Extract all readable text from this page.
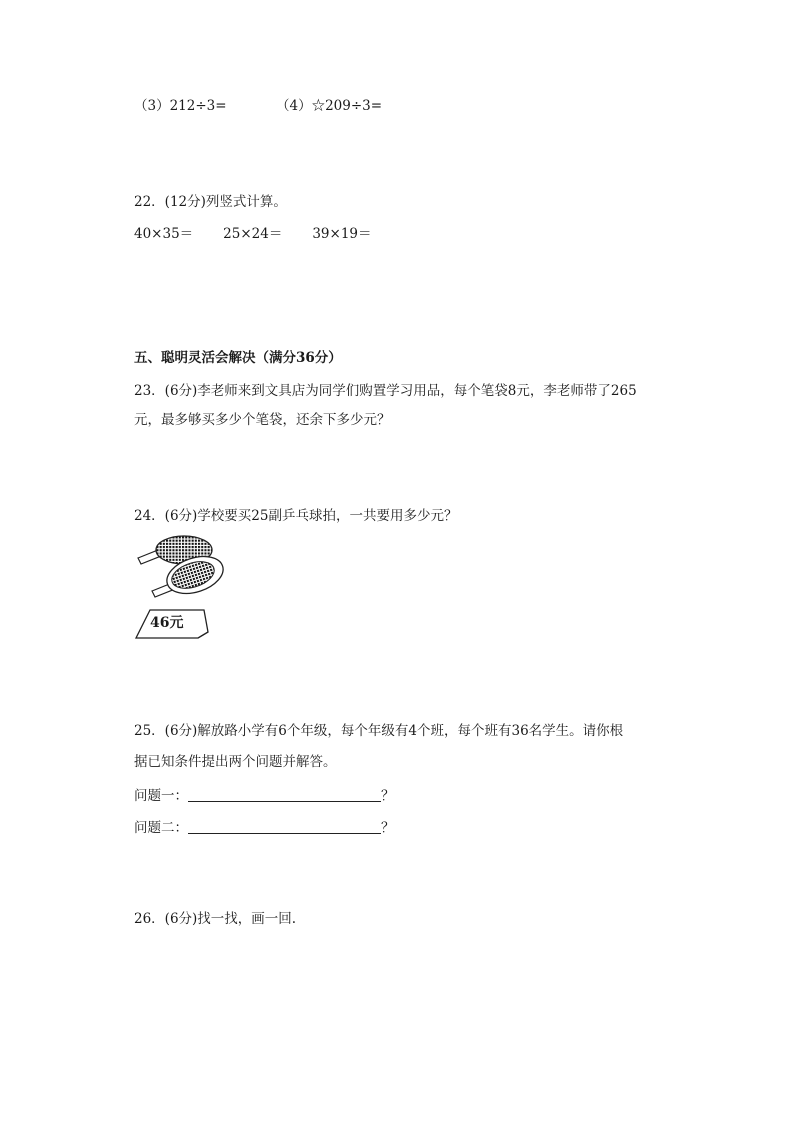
（3）212÷3=	（4）☆209÷3=
22．(12分)列竖式计算。
40×35＝ 25×24＝ 39×19＝
五、聪明灵活会解决（满分36分）
23．(6分)李老师来到文具店为同学们购置学习用品，每个笔袋8元，李老师带了265
元，最多够买多少个笔袋，还余下多少元？
24．(6分)学校要买25副乒乓球拍，一共要用多少元？
46元
25．(6分)解放路小学有6个年级，每个年级有4个班，每个班有36名学生。请你根
据已知条件提出两个问题并解答。
问题一：	？
问题二：	？
26．(6分)找一找，画一回.
